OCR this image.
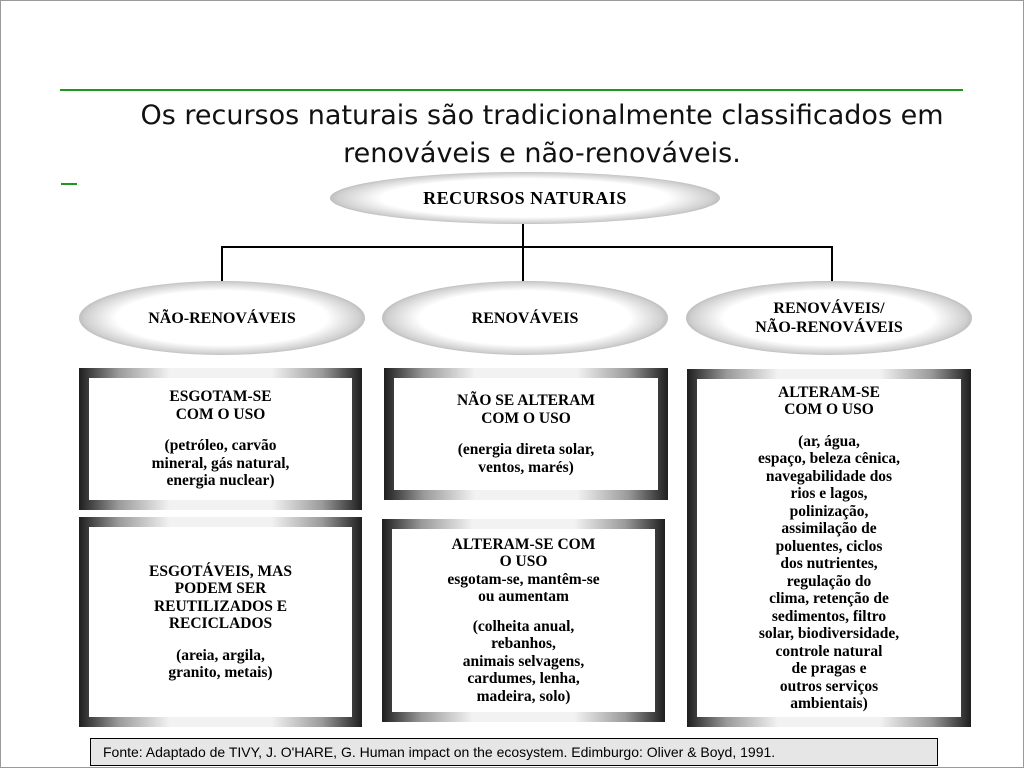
Os recursos naturais são tradicionalmente classificados em
renováveis e não-renováveis.
RECURSOS NATURAIS
NÃO-RENOVÁVEIS	RENOVÁVEIS
RENOVÁVEIS/
NÃO-RENOVÁVEIS

ESGOTAM-SE

COM O USO

(petróleo, carvão

mineral, gás natural,

energia nuclear)

NÃO SE ALTERAM

COM O USO

(energia direta solar,

ventos, marés)

ESGOTÁVEIS, MAS

PODEM SER

REUTILIZADOS E

RECICLADOS

(areia, argila,

granito, metais)

ALTERAM-SE COM

O USO

esgotam-se, mantêm-se

ou aumentam

(colheita anual,

rebanhos,

animais selvagens,

cardumes, lenha,

madeira, solo)

ALTERAM-SE

COM O USO

(ar, água,

espaço, beleza cênica,

navegabilidade dos

rios e lagos,

polinização,

assimilação de

poluentes, ciclos

dos nutrientes,

regulação do

clima, retenção de

sedimentos, filtro

solar, biodiversidade,

controle natural

de pragas e

outros serviços

ambientais)

Fonte: Adaptado de TIVY, J. O'HARE, G. Human impact on the ecosystem. Edimburgo: Oliver & Boyd, 1991.
